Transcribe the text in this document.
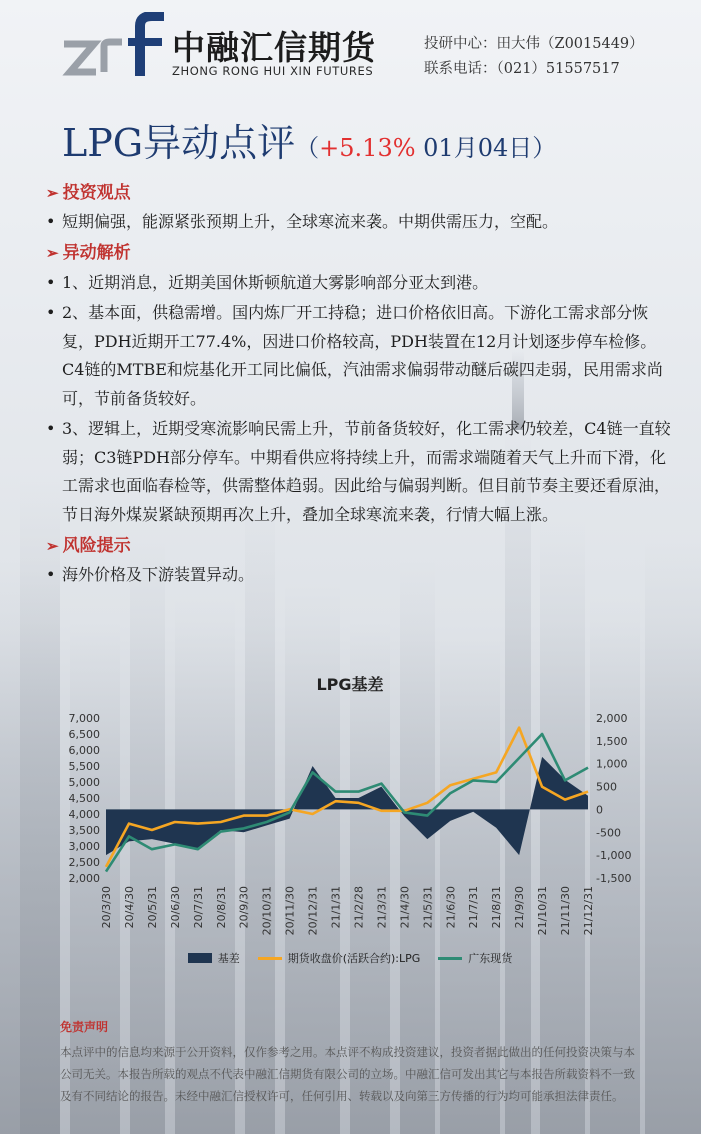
中融汇信期货
ZHONG RONG HUI XIN FUTURES
投研中心：田大伟（Z0015449）
联系电话：（021）51557517
LPG异动点评（+5.13% 01月04日）
➢ 投资观点
• 短期偏强，能源紧张预期上升，全球寒流来袭。中期供需压力，空配。
➢ 异动解析
• 1、近期消息，近期美国休斯顿航道大雾影响部分亚太到港。
• 2、基本面，供稳需增。国内炼厂开工持稳；进口价格依旧高。下游化工需求部分恢复，PDH近期开工77.4%，因进口价格较高，PDH装置在12月计划逐步停车检修。C4链的MTBE和烷基化开工同比偏低，汽油需求偏弱带动醚后碳四走弱，民用需求尚可，节前备货较好。
• 3、逻辑上，近期受寒流影响民需上升，节前备货较好，化工需求仍较差，C4链一直较弱；C3链PDH部分停车。中期看供应将持续上升，而需求端随着天气上升而下滑，化工需求也面临春检等，供需整体趋弱。因此给与偏弱判断。但目前节奏主要还看原油，节日海外煤炭紧缺预期再次上升，叠加全球寒流来袭，行情大幅上涨。
➢ 风险提示
• 海外价格及下游装置异动。
LPG基差
7,000
6,500
6,000
5,500
5,000
4,500
4,000
3,500
3,000
2,500
2,000
2,000
1,500
1,000
500
0
-500
-1,000
-1,500
20/3/30 20/4/30 20/5/31 20/6/30 20/7/31 20/8/31 20/9/30 20/10/31 20/11/30 20/12/31 21/1/31 21/2/28 21/3/31 21/4/30 21/5/31 21/6/30 21/7/31 21/8/31 21/9/30 21/10/31 21/11/30 21/12/31
基差	期货收盘价(活跃合约):LPG	广东现货
免责声明
本点评中的信息均来源于公开资料，仅作参考之用。本点评不构成投资建议，投资者据此做出的任何投资决策与本公司无关。本报告所载的观点不代表中融汇信期货有限公司的立场。中融汇信可发出其它与本报告所载资料不一致及有不同结论的报告。未经中融汇信授权许可，任何引用、转载以及向第三方传播的行为均可能承担法律责任。
